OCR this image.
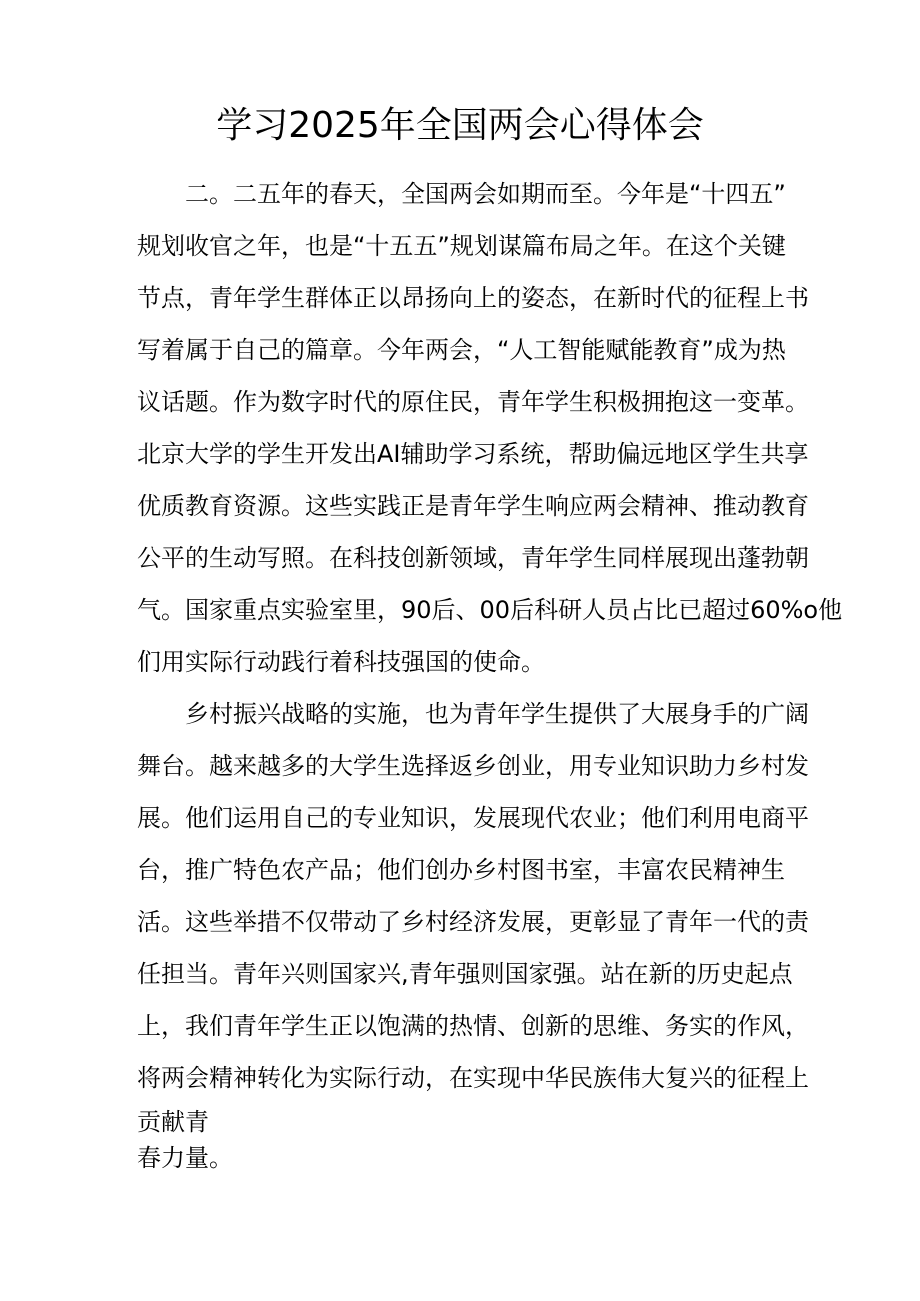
学习2025年全国两会心得体会
二。二五年的春天，全国两会如期而至。今年是“十四五”
规划收官之年，也是“十五五”规划谋篇布局之年。在这个关键
节点，青年学生群体正以昂扬向上的姿态，在新时代的征程上书
写着属于自己的篇章。今年两会，“人工智能赋能教育”成为热
议话题。作为数字时代的原住民，青年学生积极拥抱这一变革。
北京大学的学生开发出AI辅助学习系统，帮助偏远地区学生共享
优质教育资源。这些实践正是青年学生响应两会精神、推动教育
公平的生动写照。在科技创新领域，青年学生同样展现出蓬勃朝
气。国家重点实验室里，90后、00后科研人员占比已超过60%o他
们用实际行动践行着科技强国的使命。
乡村振兴战略的实施，也为青年学生提供了大展身手的广阔
舞台。越来越多的大学生选择返乡创业，用专业知识助力乡村发
展。他们运用自己的专业知识，发展现代农业；他们利用电商平
台，推广特色农产品；他们创办乡村图书室，丰富农民精神生
活。这些举措不仅带动了乡村经济发展，更彰显了青年一代的责
任担当。青年兴则国家兴,青年强则国家强。站在新的历史起点
上，我们青年学生正以饱满的热情、创新的思维、务实的作风，
将两会精神转化为实际行动，在实现中华民族伟大复兴的征程上
贡献青
春力量。
